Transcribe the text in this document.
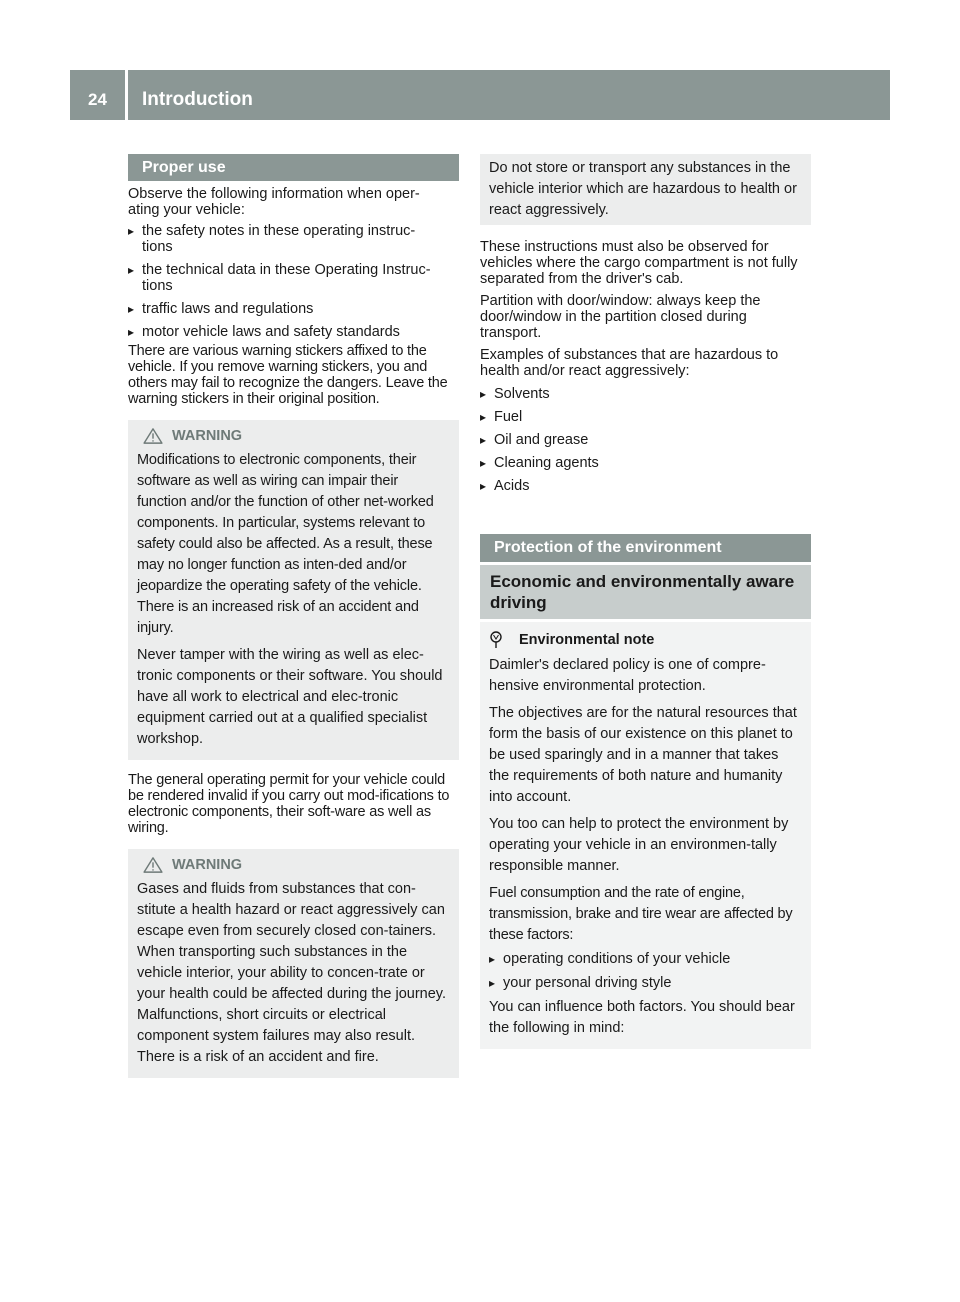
24	Introduction
Proper use

Observe the following information when oper-
ating your vehicle:

▸ the safety notes in these operating instruc-
tions
▸ the technical data in these Operating Instruc-
tions
▸ traffic laws and regulations
▸ motor vehicle laws and safety standards

There are various warning stickers affixed to the vehicle. If you remove warning stickers, you and others may fail to recognize the dangers. Leave the warning stickers in their original position.

WARNING

Modifications to electronic components, their software as well as wiring can impair their function and/or the function of other net-worked components. In particular, systems relevant to safety could also be affected. As a result, these may no longer function as inten-ded and/or jeopardize the operating safety of the vehicle. There is an increased risk of an accident and injury.

Never tamper with the wiring as well as elec-tronic components or their software. You should have all work to electrical and elec-tronic equipment carried out at a qualified specialist workshop.

The general operating permit for your vehicle could be rendered invalid if you carry out mod-ifications to electronic components, their soft-ware as well as wiring.

WARNING

Gases and fluids from substances that con-stitute a health hazard or react aggressively can escape even from securely closed con-tainers. When transporting such substances in the vehicle interior, your ability to concen-trate or your health could be affected during the journey. Malfunctions, short circuits or electrical component system failures may also result. There is a risk of an accident and fire.

Do not store or transport any substances in the vehicle interior which are hazardous to health or react aggressively.

These instructions must also be observed for vehicles where the cargo compartment is not fully separated from the driver's cab.

Partition with door/window: always keep the door/window in the partition closed during transport.

Examples of substances that are hazardous to health and/or react aggressively:

▸ Solvents
▸ Fuel
▸ Oil and grease
▸ Cleaning agents
▸ Acids
Protection of the environment
Economic and environmentally aware driving
Environmental note

Daimler's declared policy is one of compre-hensive environmental protection.

The objectives are for the natural resources that form the basis of our existence on this planet to be used sparingly and in a manner that takes the requirements of both nature and humanity into account.

You too can help to protect the environment by operating your vehicle in an environmen-tally responsible manner.

Fuel consumption and the rate of engine, transmission, brake and tire wear are affected by these factors:

▸ operating conditions of your vehicle
▸ your personal driving style

You can influence both factors. You should bear the following in mind:
